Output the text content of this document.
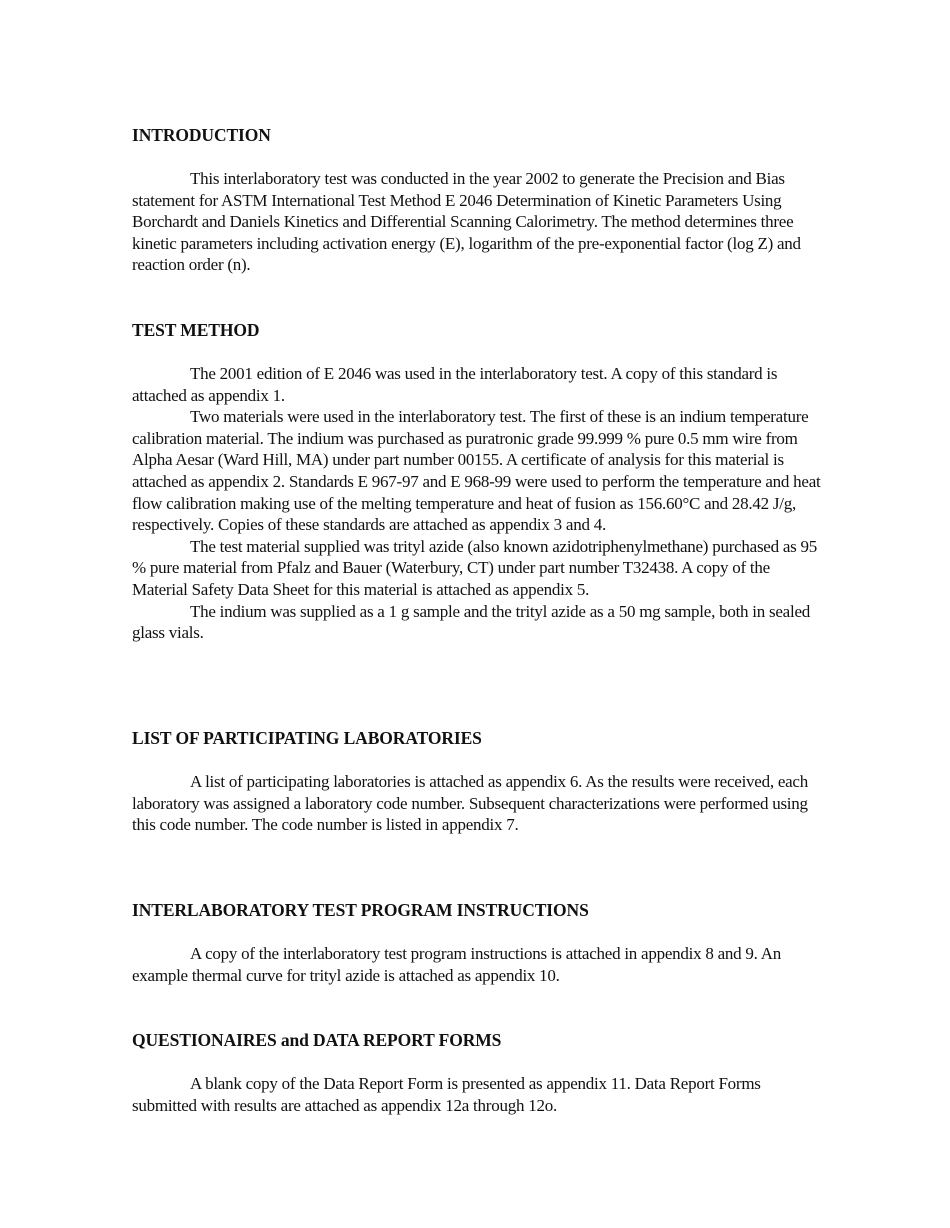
INTRODUCTION

This interlaboratory test was conducted in the year 2002 to generate the Precision and Bias statement for ASTM International Test Method E 2046 Determination of Kinetic Parameters Using Borchardt and Daniels Kinetics and Differential Scanning Calorimetry. The method determines three kinetic parameters including activation energy (E), logarithm of the pre-exponential factor (log Z) and reaction order (n).

TEST METHOD

The 2001 edition of E 2046 was used in the interlaboratory test. A copy of this standard is attached as appendix 1.

Two materials were used in the interlaboratory test. The first of these is an indium temperature calibration material. The indium was purchased as puratronic grade 99.999 % pure 0.5 mm wire from Alpha Aesar (Ward Hill, MA) under part number 00155. A certificate of analysis for this material is attached as appendix 2. Standards E 967-97 and E 968-99 were used to perform the temperature and heat flow calibration making use of the melting temperature and heat of fusion as 156.60°C and 28.42 J/g, respectively. Copies of these standards are attached as appendix 3 and 4.

The test material supplied was trityl azide (also known azidotriphenylmethane) purchased as 95 % pure material from Pfalz and Bauer (Waterbury, CT) under part number T32438. A copy of the Material Safety Data Sheet for this material is attached as appendix 5.

The indium was supplied as a 1 g sample and the trityl azide as a 50 mg sample, both in sealed glass vials.

LIST OF PARTICIPATING LABORATORIES

A list of participating laboratories is attached as appendix 6. As the results were received, each laboratory was assigned a laboratory code number. Subsequent characterizations were performed using this code number. The code number is listed in appendix 7.

INTERLABORATORY TEST PROGRAM INSTRUCTIONS

A copy of the interlaboratory test program instructions is attached in appendix 8 and 9. An example thermal curve for trityl azide is attached as appendix 10.

QUESTIONAIRES and DATA REPORT FORMS

A blank copy of the Data Report Form is presented as appendix 11. Data Report Forms submitted with results are attached as appendix 12a through 12o.
